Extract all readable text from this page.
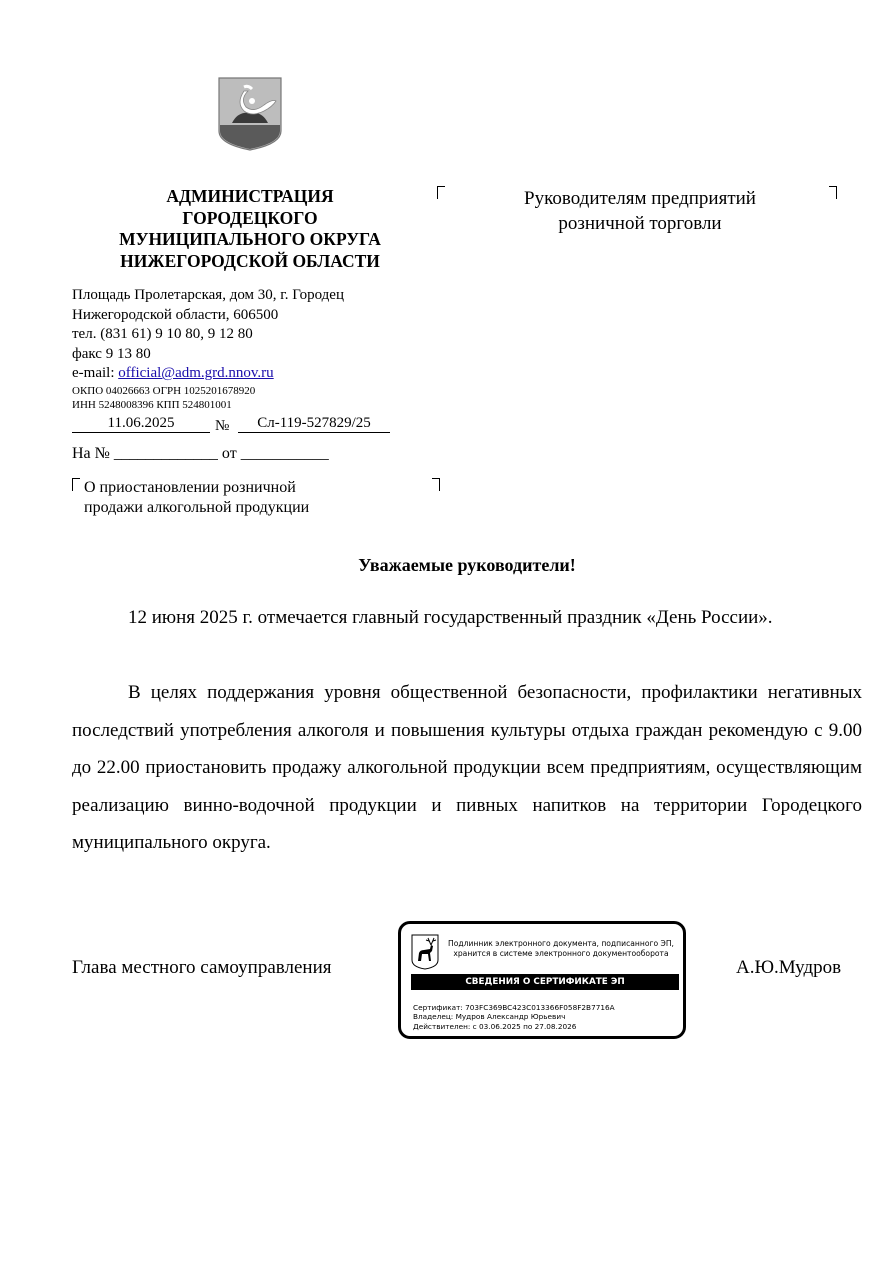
АДМИНИСТРАЦИЯ
ГОРОДЕЦКОГО
МУНИЦИПАЛЬНОГО ОКРУГА
НИЖЕГОРОДСКОЙ ОБЛАСТИ
Площадь Пролетарская, дом 30, г. Городец
Нижегородской области, 606500
тел. (831 61) 9 10 80, 9 12 80
факс 9 13 80
e-mail: official@adm.grd.nnov.ru
ОКПО 04026663 ОГРН 1025201678920
ИНН 5248008396 КПП 524801001
11.06.2025	№	Сл-119-527829/25
На № _____________ от ___________
О приостановлении розничной
продажи алкогольной продукции
Руководителям предприятий
розничной торговли
Уважаемые руководители!
12 июня 2025 г. отмечается главный государственный праздник «День России».
В целях поддержания уровня общественной безопасности, профилактики негативных последствий употребления алкоголя и повышения культуры отдыха граждан рекомендую с 9.00 до 22.00 приостановить продажу алкогольной продукции всем предприятиям, осуществляющим реализацию винно-водочной продукции и пивных напитков на территории Городецкого муниципального округа.
Глава местного самоуправления	А.Ю.Мудров
Подлинник электронного документа, подписанного ЭП,
хранится в системе электронного документооборота
СВЕДЕНИЯ О СЕРТИФИКАТЕ ЭП
Сертификат: 703FC369BC423C013366F058F2B7716A
Владелец: Мудров Александр Юрьевич
Действителен: с 03.06.2025 по 27.08.2026
